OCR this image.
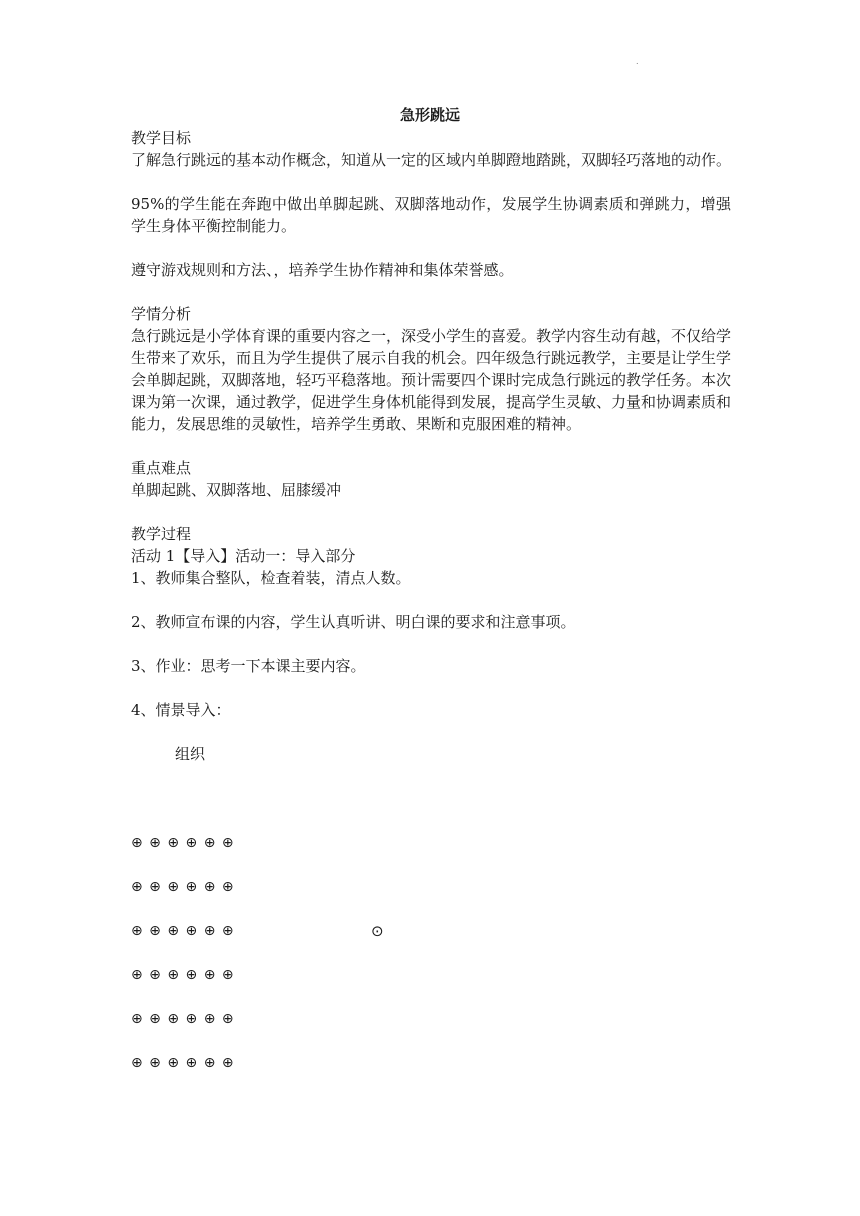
.
急形跳远

教学目标

了解急行跳远的基本动作概念，知道从一定的区域内单脚蹬地踏跳，双脚轻巧落地的动作。

95%的学生能在奔跑中做出单脚起跳、双脚落地动作，发展学生协调素质和弹跳力，增强学生身体平衡控制能力。

遵守游戏规则和方法、，培养学生协作精神和集体荣誉感。

学情分析

急行跳远是小学体育课的重要内容之一，深受小学生的喜爱。教学内容生动有越，不仅给学生带来了欢乐，而且为学生提供了展示自我的机会。四年级急行跳远教学，主要是让学生学会单脚起跳，双脚落地，轻巧平稳落地。预计需要四个课时完成急行跳远的教学任务。本次课为第一次课，通过教学，促进学生身体机能得到发展，提高学生灵敏、力量和协调素质和能力，发展思维的灵敏性，培养学生勇敢、果断和克服困难的精神。

重点难点

单脚起跳、双脚落地、屈膝缓冲

教学过程

活动 1【导入】活动一：导入部分

1、教师集合整队，检查着装，清点人数。

2、教师宣布课的内容，学生认真听讲、明白课的要求和注意事项。

3、作业：思考一下本课主要内容。

4、情景导入：

组织

⊕ ⊕ ⊕ ⊕ ⊕ ⊕
⊕ ⊕ ⊕ ⊕ ⊕ ⊕
⊕ ⊕ ⊕ ⊕ ⊕ ⊕	⊙
⊕ ⊕ ⊕ ⊕ ⊕ ⊕
⊕ ⊕ ⊕ ⊕ ⊕ ⊕
⊕ ⊕ ⊕ ⊕ ⊕ ⊕
